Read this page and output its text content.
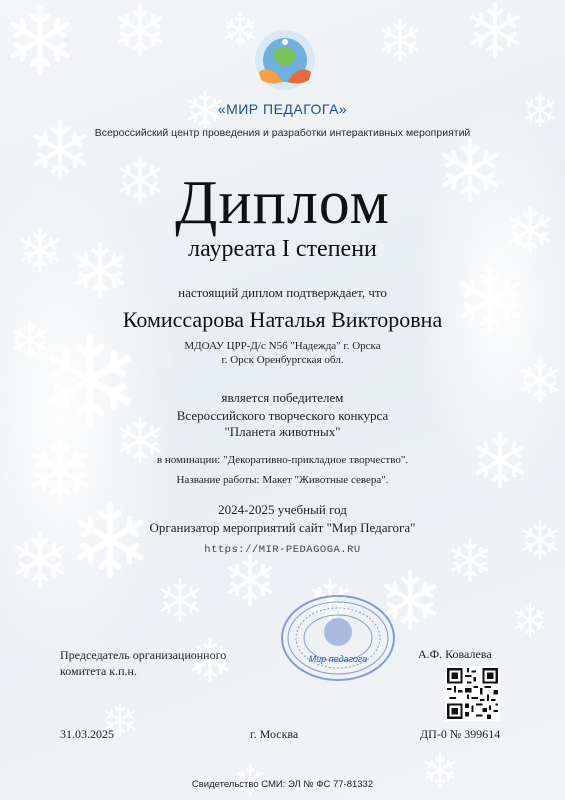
«МИР ПЕДАГОГА»
Всероссийский центр проведения и разработки интерактивных мероприятий
Диплом
лауреата I степени
настоящий диплом подтверждает, что
Комиссарова Наталья Викторовна
МДОАУ ЦРР-Д/с N56 "Надежда" г. Орска
г. Орск Оренбургская обл.
является победителем
Всероссийского творческого конкурса
"Планета животных"
в номинации: "Декоративно-прикладное творчество".
Название работы: Макет "Животные севера".
2024-2025 учебный год
Организатор мероприятий сайт "Мир Педагога"
https://MIR-PEDAGOGA.RU
Мир педагога
Председатель организационного
комитета к.п.н.
А.Ф. Ковалева
31.03.2025	г. Москва	ДП-0 № 399614
Свидетельство СМИ: ЭЛ № ФС 77-81332
